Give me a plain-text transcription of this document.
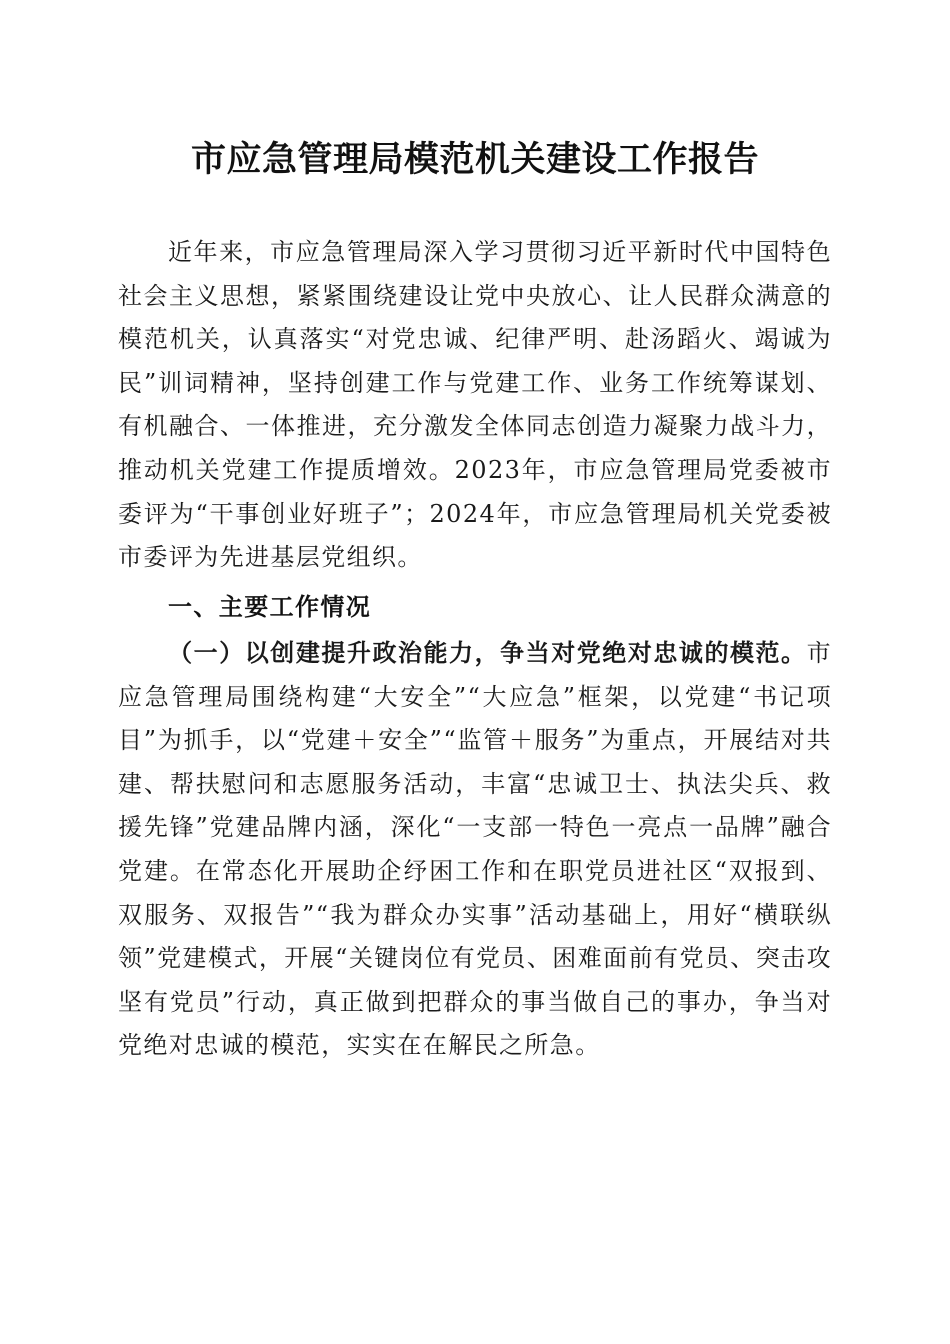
市应急管理局模范机关建设工作报告

近年来，市应急管理局深入学习贯彻习近平新时代中国特色社会主义思想，紧紧围绕建设让党中央放心、让人民群众满意的模范机关，认真落实“对党忠诚、纪律严明、赴汤蹈火、竭诚为民”训词精神，坚持创建工作与党建工作、业务工作统筹谋划、有机融合、一体推进，充分激发全体同志创造力凝聚力战斗力，推动机关党建工作提质增效。2023年，市应急管理局党委被市委评为“干事创业好班子”；2024年，市应急管理局机关党委被市委评为先进基层党组织。

一、主要工作情况

（一）以创建提升政治能力，争当对党绝对忠诚的模范。市应急管理局围绕构建“大安全”“大应急”框架，以党建“书记项目”为抓手，以“党建＋安全”“监管＋服务”为重点，开展结对共建、帮扶慰问和志愿服务活动，丰富“忠诚卫士、执法尖兵、救援先锋”党建品牌内涵，深化“一支部一特色一亮点一品牌”融合党建。在常态化开展助企纾困工作和在职党员进社区“双报到、双服务、双报告”“我为群众办实事”活动基础上，用好“横联纵领”党建模式，开展“关键岗位有党员、困难面前有党员、突击攻坚有党员”行动，真正做到把群众的事当做自己的事办，争当对党绝对忠诚的模范，实实在在解民之所急。
